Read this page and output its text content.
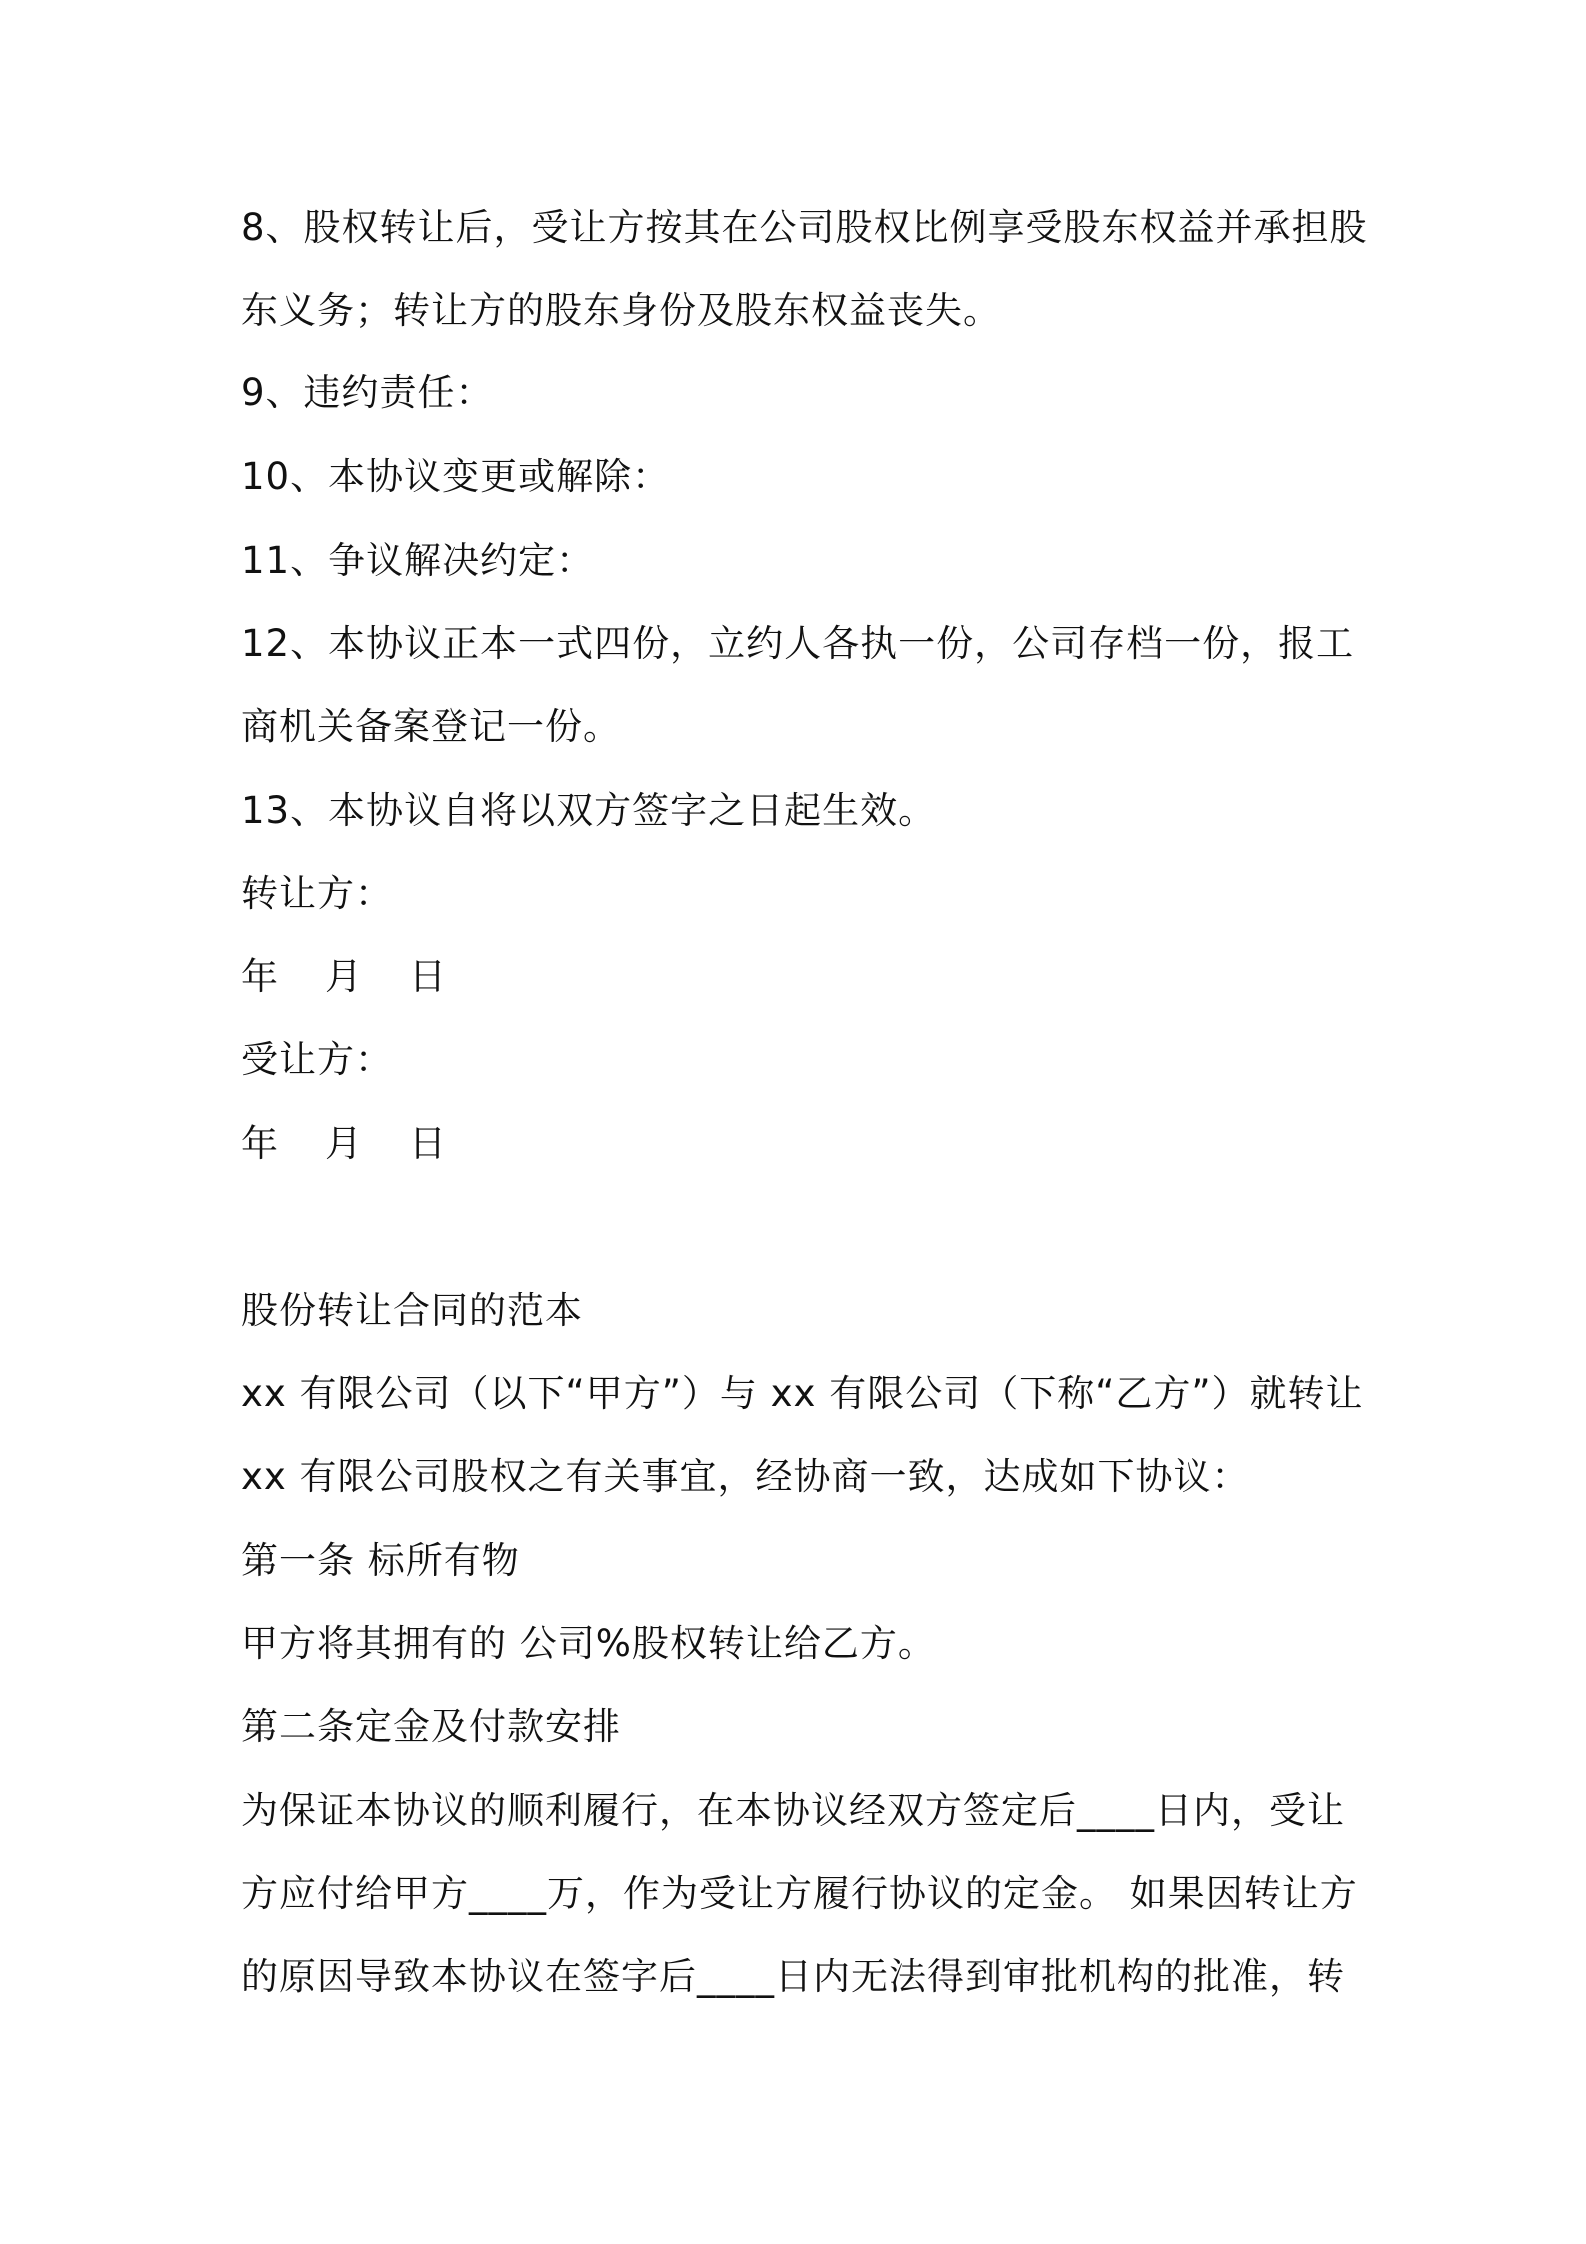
8、股权转让后，受让方按其在公司股权比例享受股东权益并承担股

东义务；转让方的股东身份及股东权益丧失。

9、违约责任：

10、本协议变更或解除：

11、争议解决约定：

12、本协议正本一式四份，立约人各执一份，公司存档一份，报工

商机关备案登记一份。

13、本协议自将以双方签字之日起生效。

转让方：

年 月 日

受让方：

年 月 日

股份转让合同的范本

xx 有限公司（以下“甲方”）与 xx 有限公司（下称“乙方”）就转让

xx 有限公司股权之有关事宜，经协商一致，达成如下协议：

第一条 标所有物

甲方将其拥有的 公司%股权转让给乙方。

第二条定金及付款安排

为保证本协议的顺利履行，在本协议经双方签定后____日内，受让

方应付给甲方____万，作为受让方履行协议的定金。 如果因转让方

的原因导致本协议在签字后____日内无法得到审批机构的批准，转
